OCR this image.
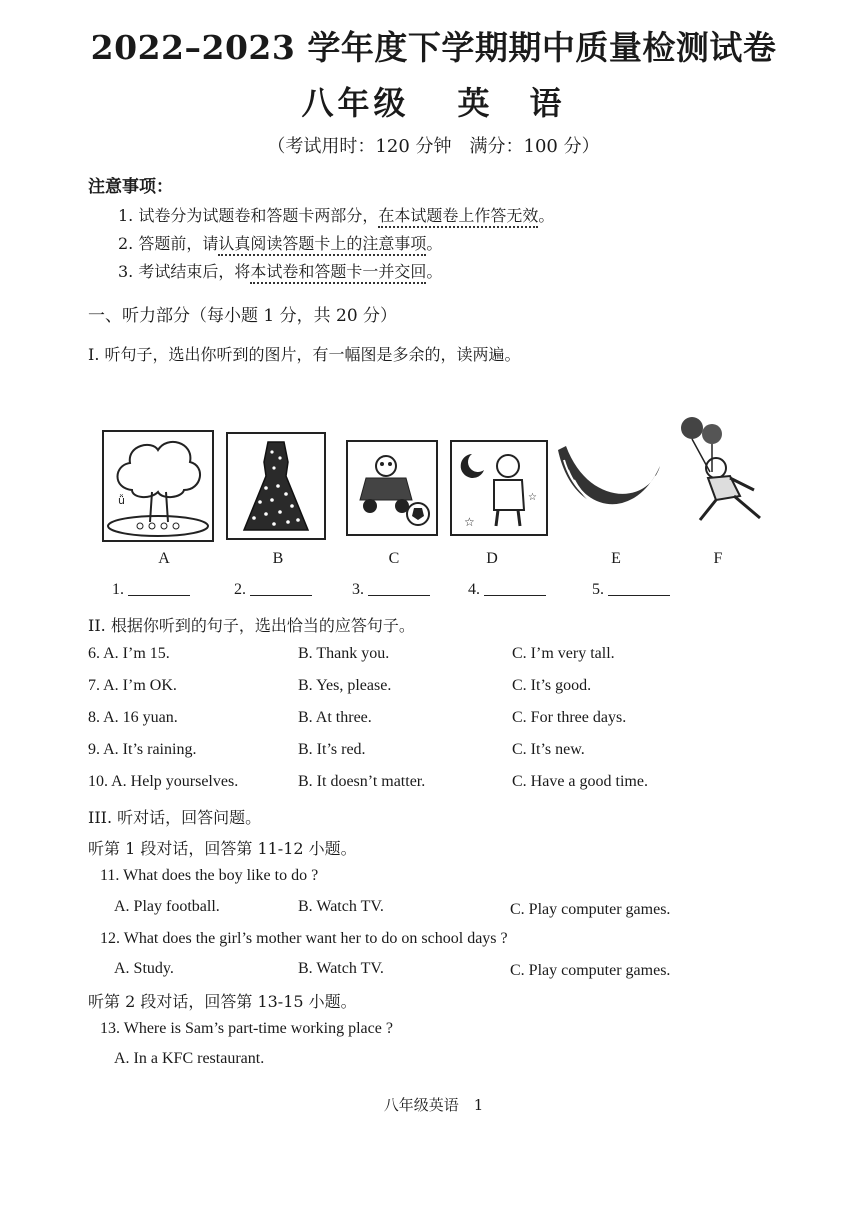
2022–2023 学年度下学期期中质量检测试卷
八年级 英　语
（考试用时：120 分钟　满分：100 分）
注意事项：
1. 试卷分为试题卷和答题卡两部分，在本试题卷上作答无效。
2. 答题前，请认真阅读答题卡上的注意事项。
3. 考试结束后，将本试卷和答题卡一并交回。
一、听力部分（每小题 1 分，共 20 分）
I. 听句子，选出你听到的图片，有一幅图是多余的，读两遍。
ǚ
☆
☆
A	B	C	D	E	F
1.	2.	3.	4.	5.
II. 根据你听到的句子，选出恰当的应答句子。
6. A. I’m 15.	B. Thank you.	C. I’m very tall.
7. A. I’m OK.	B. Yes, please.	C. It’s good.
8. A. 16 yuan.	B. At three.	C. For three days.
9. A. It’s raining.	B. It’s red.	C. It’s new.
10. A. Help yourselves.	B. It doesn’t matter.	C. Have a good time.
III. 听对话，回答问题。
听第 1 段对话，回答第 11-12 小题。
11. What does the boy like to do ?
A. Play football.	B. Watch TV.	C. Play computer games.
12. What does the girl’s mother want her to do on school days ?
A. Study.	B. Watch TV.	C. Play computer games.
听第 2 段对话，回答第 13-15 小题。
13. Where is Sam’s part-time working place ?
A. In a KFC restaurant.
八年级英语　1
